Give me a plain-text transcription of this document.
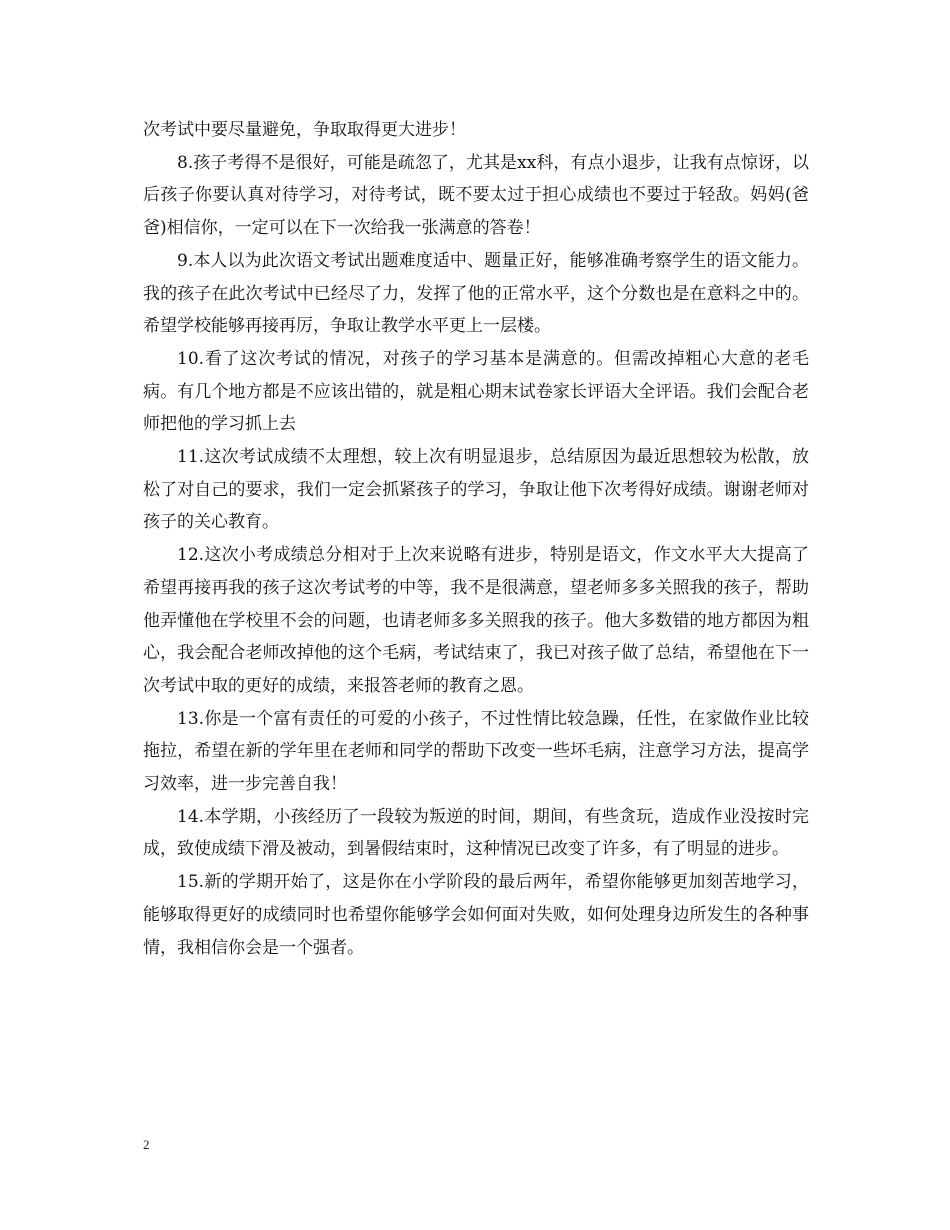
次考试中要尽量避免，争取取得更大进步！

8.孩子考得不是很好，可能是疏忽了，尤其是xx科，有点小退步，让我有点惊讶，以后孩子你要认真对待学习，对待考试，既不要太过于担心成绩也不要过于轻敌。妈妈(爸爸)相信你，一定可以在下一次给我一张满意的答卷！

9.本人以为此次语文考试出题难度适中、题量正好，能够准确考察学生的语文能力。我的孩子在此次考试中已经尽了力，发挥了他的正常水平，这个分数也是在意料之中的。希望学校能够再接再厉，争取让教学水平更上一层楼。

10.看了这次考试的情况，对孩子的学习基本是满意的。但需改掉粗心大意的老毛病。有几个地方都是不应该出错的，就是粗心期末试卷家长评语大全评语。我们会配合老师把他的学习抓上去

11.这次考试成绩不太理想，较上次有明显退步，总结原因为最近思想较为松散，放松了对自己的要求，我们一定会抓紧孩子的学习，争取让他下次考得好成绩。谢谢老师对孩子的关心教育。

12.这次小考成绩总分相对于上次来说略有进步，特别是语文，作文水平大大提高了希望再接再我的孩子这次考试考的中等，我不是很满意，望老师多多关照我的孩子，帮助他弄懂他在学校里不会的问题，也请老师多多关照我的孩子。他大多数错的地方都因为粗心，我会配合老师改掉他的这个毛病，考试结束了，我已对孩子做了总结，希望他在下一次考试中取的更好的成绩，来报答老师的教育之恩。

13.你是一个富有责任的可爱的小孩子，不过性情比较急躁，任性，在家做作业比较拖拉，希望在新的学年里在老师和同学的帮助下改变一些坏毛病，注意学习方法，提高学习效率，进一步完善自我！

14.本学期，小孩经历了一段较为叛逆的时间，期间，有些贪玩，造成作业没按时完成，致使成绩下滑及被动，到暑假结束时，这种情况已改变了许多，有了明显的进步。

15.新的学期开始了，这是你在小学阶段的最后两年，希望你能够更加刻苦地学习，能够取得更好的成绩同时也希望你能够学会如何面对失败，如何处理身边所发生的各种事情，我相信你会是一个强者。

2
